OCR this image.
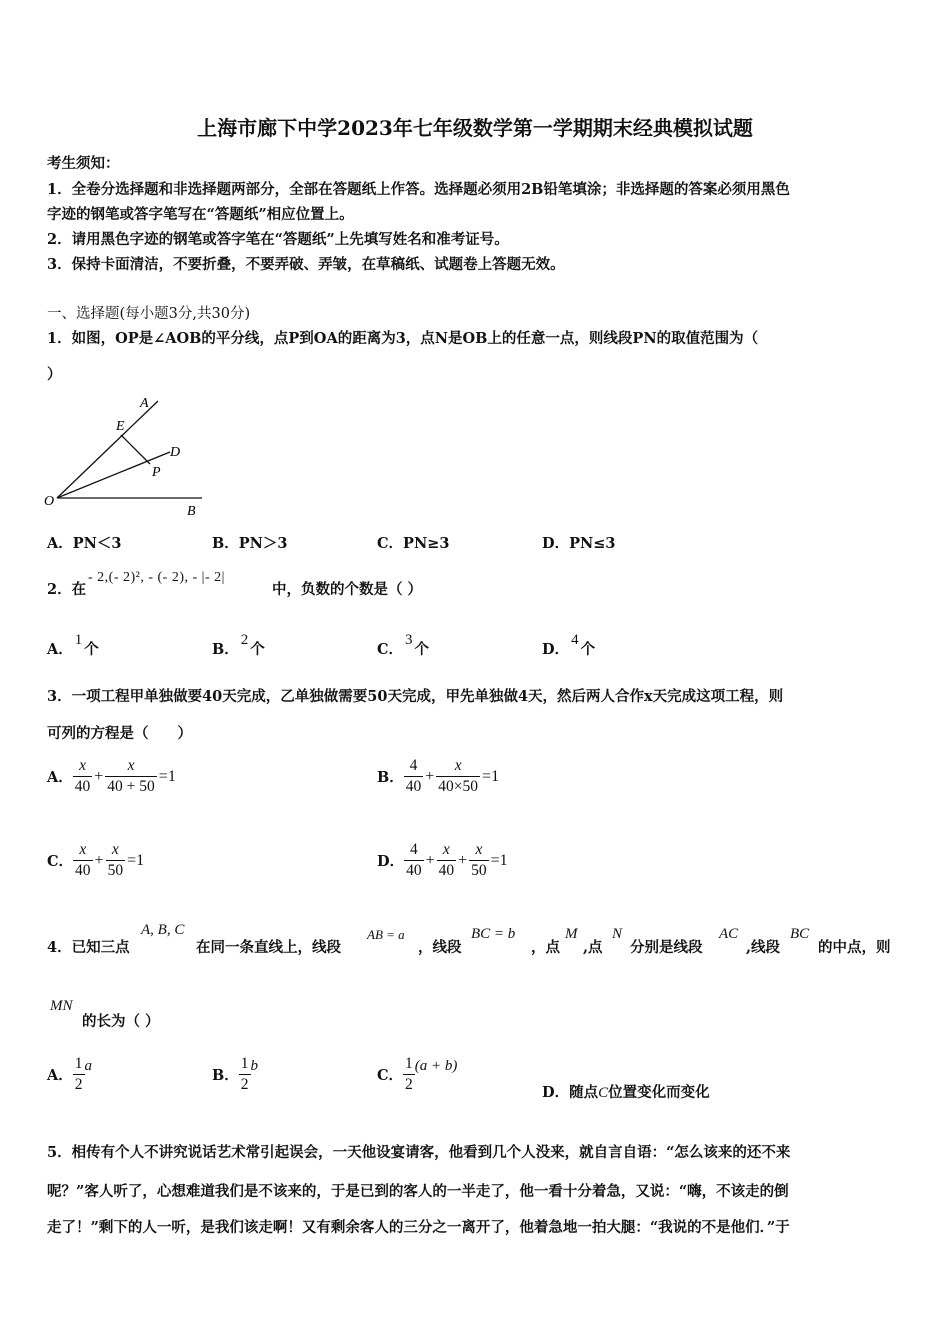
上海市廊下中学2023年七年级数学第一学期期末经典模拟试题
考生须知：
1．全卷分选择题和非选择题两部分，全部在答题纸上作答。选择题必须用2B铅笔填涂；非选择题的答案必须用黑色
字迹的钢笔或答字笔写在“答题纸”相应位置上。
2．请用黑色字迹的钢笔或答字笔在“答题纸”上先填写姓名和准考证号。
3．保持卡面清洁，不要折叠，不要弄破、弄皱，在草稿纸、试题卷上答题无效。
一、选择题(每小题3分,共30分)
1．如图，OP是∠AOB的平分线，点P到OA的距离为3，点N是OB上的任意一点，则线段PN的取值范围为（
）
A
E
D
P
O
B
A．PN＜3	B．PN＞3	C．PN≥3	D．PN≤3
2．在
- 2,(- 2)², - (- 2), - |- 2|
中，负数的个数是（ ）
A．1个	B．2个	C．3个	D．4个
3．一项工程甲单独做要40天完成，乙单独做需要50天完成，甲先单独做4天，然后两人合作x天完成这项工程，则
可列的方程是（　　）
A． $\frac{x}{40} + \frac{x}{40 + 50} =1$	B． $\frac{4}{40} + \frac{x}{40\times 50} =1$
C． $\frac{x}{40} + \frac{x}{50} =1$	D． $\frac{4}{40} + \frac{x}{40} + \frac{x}{50} =1$
4．已知三点
A, B, C
在同一条直线上，线段
AB = a
，线段
BC = b
，点
M
,点
N
分别是线段
AC
,线段
BC
的中点，则
MN
的长为（ ）
A． $\frac{1}{2}$ a
B． $\frac{1}{2}$ b
C． $\frac{1}{2} (a + b)$
D．随点C位置变化而变化
5．相传有个人不讲究说话艺术常引起误会，一天他设宴请客，他看到几个人没来，就自言自语：“怎么该来的还不来
呢？”客人听了，心想难道我们是不该来的，于是已到的客人的一半走了，他一看十分着急，又说：“嗨，不该走的倒
走了！”剩下的人一听，是我们该走啊！又有剩余客人的三分之一离开了，他着急地一拍大腿：“我说的不是他们．”于
